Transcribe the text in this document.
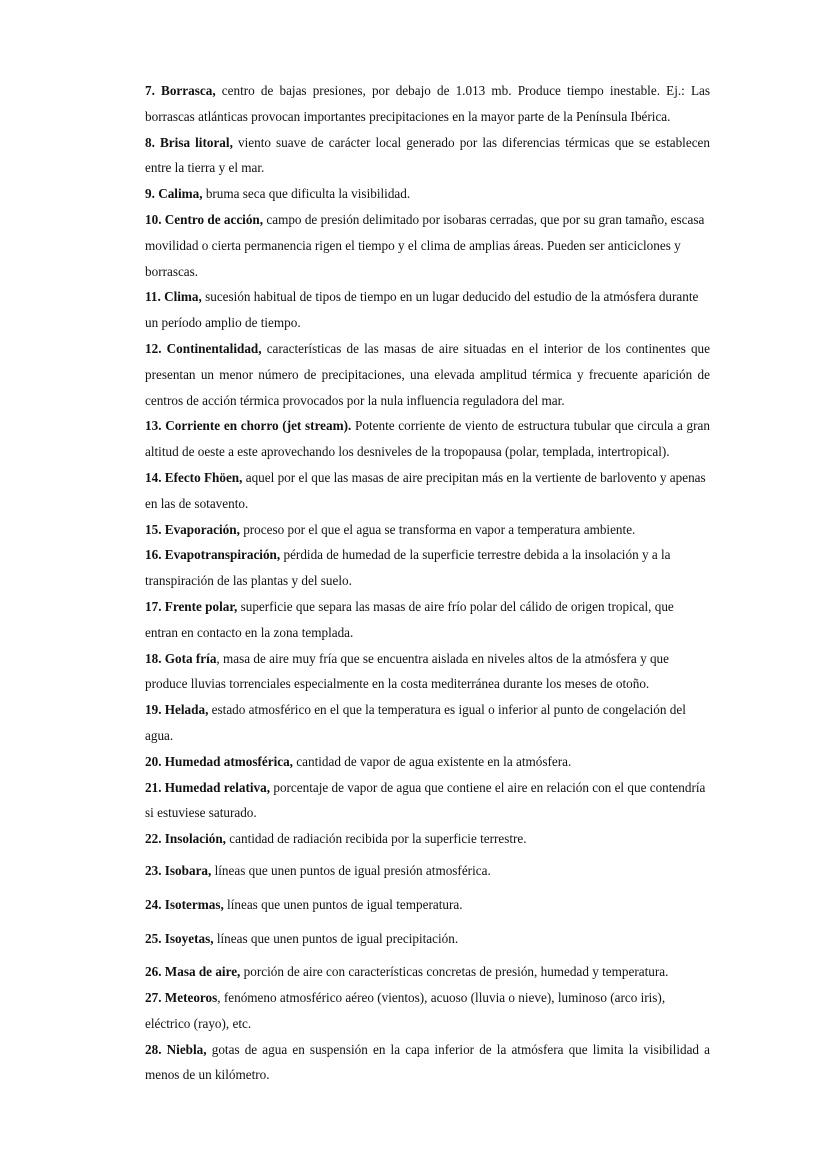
7. Borrasca, centro de bajas presiones, por debajo de 1.013 mb. Produce tiempo inestable. Ej.: Las borrascas atlánticas provocan importantes precipitaciones en la mayor parte de la Península Ibérica.

8. Brisa litoral, viento suave de carácter local generado por las diferencias térmicas que se establecen entre la tierra y el mar.

9. Calima, bruma seca que dificulta la visibilidad.

10. Centro de acción, campo de presión delimitado por isobaras cerradas, que por su gran tamaño, escasa movilidad o cierta permanencia rigen el tiempo y el clima de amplias áreas. Pueden ser anticiclones y borrascas.

11. Clima, sucesión habitual de tipos de tiempo en un lugar deducido del estudio de la atmósfera durante un período amplio de tiempo.

12. Continentalidad, características de las masas de aire situadas en el interior de los continentes que presentan un menor número de precipitaciones, una elevada amplitud térmica y frecuente aparición de centros de acción térmica provocados por la nula influencia reguladora del mar.

13. Corriente en chorro (jet stream). Potente corriente de viento de estructura tubular que circula a gran altitud de oeste a este aprovechando los desniveles de la tropopausa (polar, templada, intertropical).

14. Efecto Fhöen, aquel por el que las masas de aire precipitan más en la vertiente de barlovento y apenas en las de sotavento.

15. Evaporación, proceso por el que el agua se transforma en vapor a temperatura ambiente.

16. Evapotranspiración, pérdida de humedad de la superficie terrestre debida a la insolación y a la transpiración de las plantas y del suelo.

17. Frente polar, superficie que separa las masas de aire frío polar del cálido de origen tropical, que entran en contacto en la zona templada.

18. Gota fría, masa de aire muy fría que se encuentra aislada en niveles altos de la atmósfera y que produce lluvias torrenciales especialmente en la costa mediterránea durante los meses de otoño.

19. Helada, estado atmosférico en el que la temperatura es igual o inferior al punto de congelación del agua.

20. Humedad atmosférica, cantidad de vapor de agua existente en la atmósfera.

21. Humedad relativa, porcentaje de vapor de agua que contiene el aire en relación con el que contendría si estuviese saturado.

22. Insolación, cantidad de radiación recibida por la superficie terrestre.

23. Isobara, líneas que unen puntos de igual presión atmosférica.

24. Isotermas, líneas que unen puntos de igual temperatura.

25. Isoyetas, líneas que unen puntos de igual precipitación.

26. Masa de aire, porción de aire con características concretas de presión, humedad y temperatura.

27. Meteoros, fenómeno atmosférico aéreo (vientos), acuoso (lluvia o nieve), luminoso (arco iris), eléctrico (rayo), etc.

28. Niebla, gotas de agua en suspensión en la capa inferior de la atmósfera que limita la visibilidad a menos de un kilómetro.
